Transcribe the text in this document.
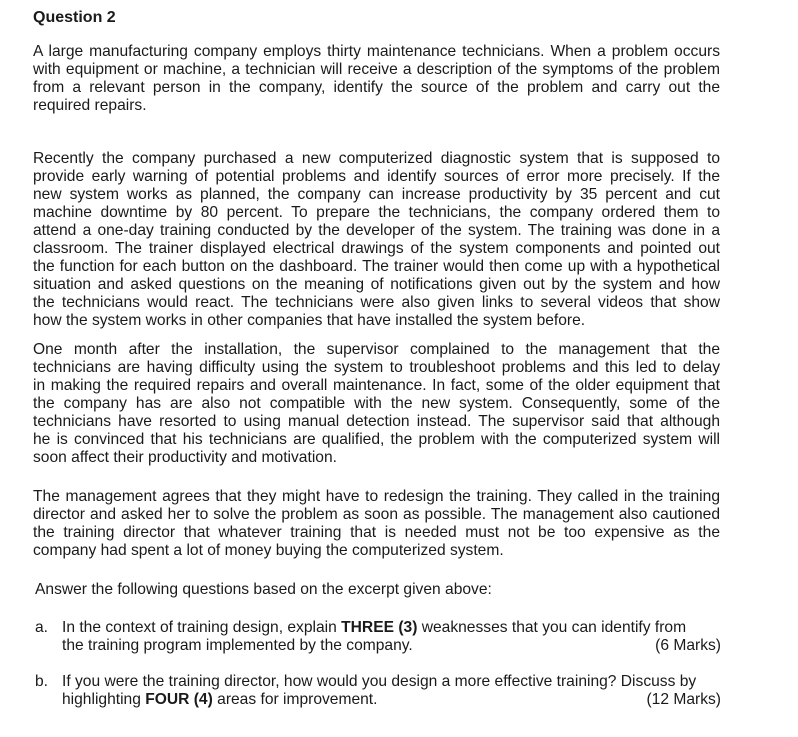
Question 2
A large manufacturing company employs thirty maintenance technicians. When a problem occurs
with equipment or machine, a technician will receive a description of the symptoms of the problem
from a relevant person in the company, identify the source of the problem and carry out the
required repairs.
Recently the company purchased a new computerized diagnostic system that is supposed to
provide early warning of potential problems and identify sources of error more precisely. If the
new system works as planned, the company can increase productivity by 35 percent and cut
machine downtime by 80 percent. To prepare the technicians, the company ordered them to
attend a one-day training conducted by the developer of the system. The training was done in a
classroom. The trainer displayed electrical drawings of the system components and pointed out
the function for each button on the dashboard. The trainer would then come up with a hypothetical
situation and asked questions on the meaning of notifications given out by the system and how
the technicians would react. The technicians were also given links to several videos that show
how the system works in other companies that have installed the system before.
One month after the installation, the supervisor complained to the management that the
technicians are having difficulty using the system to troubleshoot problems and this led to delay
in making the required repairs and overall maintenance. In fact, some of the older equipment that
the company has are also not compatible with the new system. Consequently, some of the
technicians have resorted to using manual detection instead. The supervisor said that although
he is convinced that his technicians are qualified, the problem with the computerized system will
soon affect their productivity and motivation.
The management agrees that they might have to redesign the training. They called in the training
director and asked her to solve the problem as soon as possible. The management also cautioned
the training director that whatever training that is needed must not be too expensive as the
company had spent a lot of money buying the computerized system.
Answer the following questions based on the excerpt given above:
a. In the context of training design, explain THREE (3) weaknesses that you can identify from
the training program implemented by the company.	(6 Marks)
b. If you were the training director, how would you design a more effective training? Discuss by
highlighting FOUR (4) areas for improvement.	(12 Marks)
